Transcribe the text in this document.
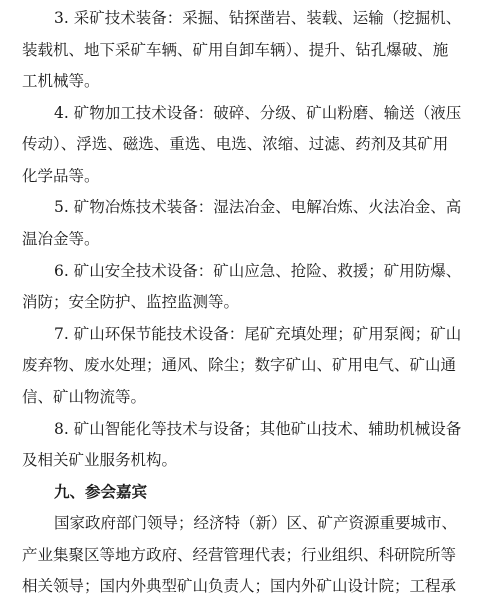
3. 采矿技术装备：采掘、钻探凿岩、装载、运输（挖掘机、
装载机、地下采矿车辆、矿用自卸车辆）、提升、钻孔爆破、施
工机械等。
4. 矿物加工技术设备：破碎、分级、矿山粉磨、输送（液压
传动）、浮选、磁选、重选、电选、浓缩、过滤、药剂及其矿用
化学品等。
5. 矿物冶炼技术装备：湿法冶金、电解冶炼、火法冶金、高
温冶金等。
6. 矿山安全技术设备：矿山应急、抢险、救援；矿用防爆、
消防；安全防护、监控监测等。
7. 矿山环保节能技术设备：尾矿充填处理；矿用泵阀；矿山
废弃物、废水处理；通风、除尘；数字矿山、矿用电气、矿山通
信、矿山物流等。
8. 矿山智能化等技术与设备；其他矿山技术、辅助机械设备
及相关矿业服务机构。
九、参会嘉宾
国家政府部门领导；经济特（新）区、矿产资源重要城市、
产业集聚区等地方政府、经营管理代表；行业组织、科研院所等
相关领导；国内外典型矿山负责人；国内外矿山设计院；工程承
